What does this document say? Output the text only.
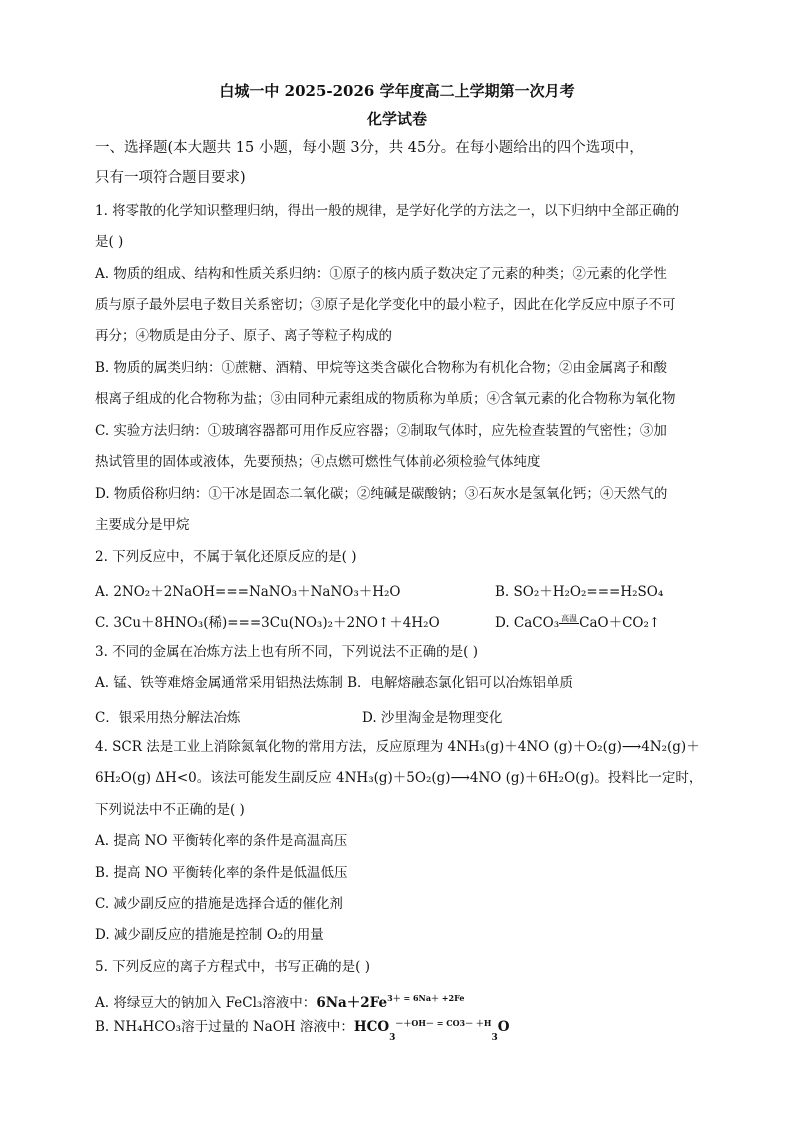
白城一中 2025-2026 学年度高二上学期第一次月考
化学试卷
一、选择题(本大题共 15 小题，每小题 3分，共 45分。在每小题给出的四个选项中，
只有一项符合题目要求)
1. 将零散的化学知识整理归纳，得出一般的规律，是学好化学的方法之一，以下归纳中全部正确的
是( )
A. 物质的组成、结构和性质关系归纳：①原子的核内质子数决定了元素的种类；②元素的化学性
质与原子最外层电子数目关系密切；③原子是化学变化中的最小粒子，因此在化学反应中原子不可
再分；④物质是由分子、原子、离子等粒子构成的
B. 物质的属类归纳：①蔗糖、酒精、甲烷等这类含碳化合物称为有机化合物；②由金属离子和酸
根离子组成的化合物称为盐；③由同种元素组成的物质称为单质；④含氧元素的化合物称为氧化物
C. 实验方法归纳：①玻璃容器都可用作反应容器；②制取气体时，应先检查装置的气密性；③加
热试管里的固体或液体，先要预热；④点燃可燃性气体前必须检验气体纯度
D. 物质俗称归纳：①干冰是固态二氧化碳；②纯碱是碳酸钠；③石灰水是氢氧化钙；④天然气的
主要成分是甲烷
2. 下列反应中，不属于氧化还原反应的是( )
A. 2NO₂＋2NaOH===NaNO₃＋NaNO₃＋H₂O	B. SO₂＋H₂O₂===H₂SO₄
C. 3Cu＋8HNO₃(稀)===3Cu(NO₃)₂＋2NO↑＋4H₂O	D. CaCO₃ 高温 CaO＋CO₂↑
3. 不同的金属在冶炼方法上也有所不同，下列说法不正确的是( )
A. 锰、铁等难熔金属通常采用铝热法炼制 B．电解熔融态氯化铝可以冶炼铝单质
C．银采用热分解法冶炼	D. 沙里淘金是物理变化
4. SCR 法是工业上消除氮氧化物的常用方法，反应原理为 4NH₃(g)＋4NO (g)＋O₂(g)⟶4N₂(g)＋
6H₂O(g) ΔH<0。该法可能发生副反应 4NH₃(g)＋5O₂(g)⟶4NO (g)＋6H₂O(g)。投料比一定时，
下列说法中不正确的是( )
A. 提高 NO 平衡转化率的条件是高温高压
B. 提高 NO 平衡转化率的条件是低温低压
C. 减少副反应的措施是选择合适的催化剂
D. 减少副反应的措施是控制 O₂的用量
5. 下列反应的离子方程式中，书写正确的是( )
A. 将绿豆大的钠加入 FeCl₃溶液中：$6Na+2Fe^{3+ = 6Na+ +2Fe}$
B. NH₄HCO₃溶于过量的 NaOH 溶液中：$HCO_3^{-+OH- = CO3- +H}_3O$
